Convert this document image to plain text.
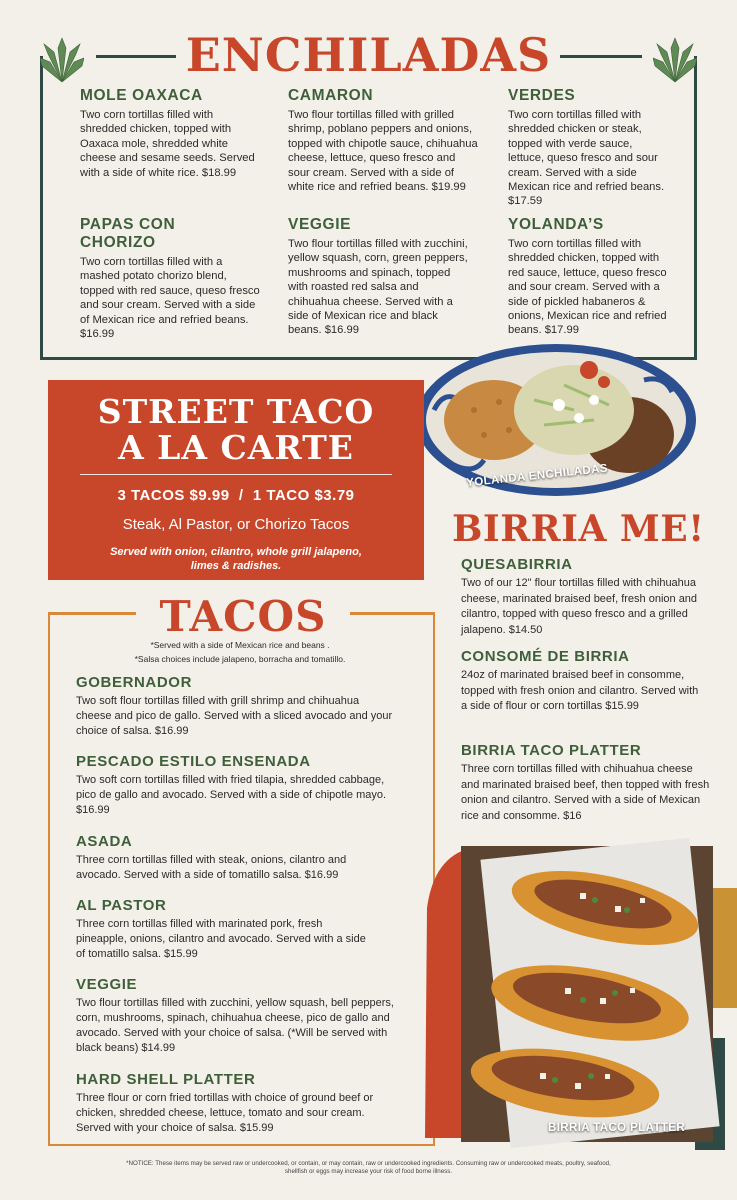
ENCHILADAS
MOLE OAXACA
Two corn tortillas filled with shredded chicken, topped with Oaxaca mole, shredded white cheese and sesame seeds. Served with a side of white rice. $18.99
CAMARON
Two flour tortillas filled with grilled shrimp, poblano peppers and onions, topped with chipotle sauce, chihuahua cheese, lettuce, queso fresco and sour cream. Served with a side of white rice and refried beans. $19.99
VERDES
Two corn tortillas filled with shredded chicken or steak, topped with verde sauce, lettuce, queso fresco and sour cream. Served with a side Mexican rice and refried beans. $17.59
PAPAS CON CHORIZO
Two corn tortillas filled with a mashed potato chorizo blend, topped with red sauce, queso fresco and sour cream. Served with a side of Mexican rice and refried beans. $16.99
VEGGIE
Two flour tortillas filled with zucchini, yellow squash, corn, green peppers, mushrooms and spinach, topped with roasted red salsa and chihuahua cheese. Served with a side of Mexican rice and black beans. $16.99
YOLANDA’S
Two corn tortillas filled with shredded chicken, topped with red sauce, lettuce, queso fresco and sour cream. Served with a side of pickled habaneros & onions, Mexican rice and refried beans. $17.99
YOLANDA ENCHILADAS
STREET TACO
A LA CARTE
3 TACOS $9.99  /  1 TACO $3.79
Steak, Al Pastor, or Chorizo Tacos
Served with onion, cilantro, whole grill jalapeno, limes & radishes.
TACOS
*Served with a side of Mexican rice and beans .
*Salsa choices include jalapeno, borracha and tomatillo.
GOBERNADOR
Two soft flour tortillas filled with grill shrimp and chihuahua cheese and pico de gallo. Served with a sliced avocado and your choice of salsa. $16.99
PESCADO ESTILO ENSENADA
Two soft corn tortillas filled with fried tilapia, shredded cabbage, pico de gallo and avocado. Served with a side of chipotle mayo. $16.99
ASADA
Three corn tortillas filled with steak, onions, cilantro and avocado. Served with a side of tomatillo salsa. $16.99
AL PASTOR
Three corn tortillas filled with marinated pork, fresh pineapple, onions, cilantro and avocado. Served with a side of tomatillo salsa. $15.99
VEGGIE
Two flour tortillas filled with zucchini, yellow squash, bell peppers, corn, mushrooms, spinach, chihuahua cheese, pico de gallo and avocado. Served with your choice of salsa. (*Will be served with black beans) $14.99
HARD SHELL PLATTER
Three flour or corn fried tortillas with choice of ground beef or chicken, shredded cheese, lettuce, tomato and sour cream. Served with your choice of salsa. $15.99
BIRRIA ME!
QUESABIRRIA
Two of our 12" flour tortillas filled with chihuahua cheese, marinated braised beef, fresh onion and cilantro, topped with queso fresco and a grilled jalapeno. $14.50
CONSOMÉ DE BIRRIA
24oz of marinated braised beef in consomme, topped with fresh onion and cilantro. Served with a side of flour or corn tortillas $15.99
BIRRIA TACO PLATTER
Three corn tortillas filled with chihuahua cheese and marinated braised beef, then topped with fresh onion and cilantro. Served with a side of Mexican rice and consomme. $16
BIRRIA TACO PLATTER
*NOTICE: These items may be served raw or undercooked, or contain, or may contain, raw or undercooked ingredients. Consuming raw or undercooked meats, poultry, seafood, shellfish or eggs may increase your risk of food borne illness.
